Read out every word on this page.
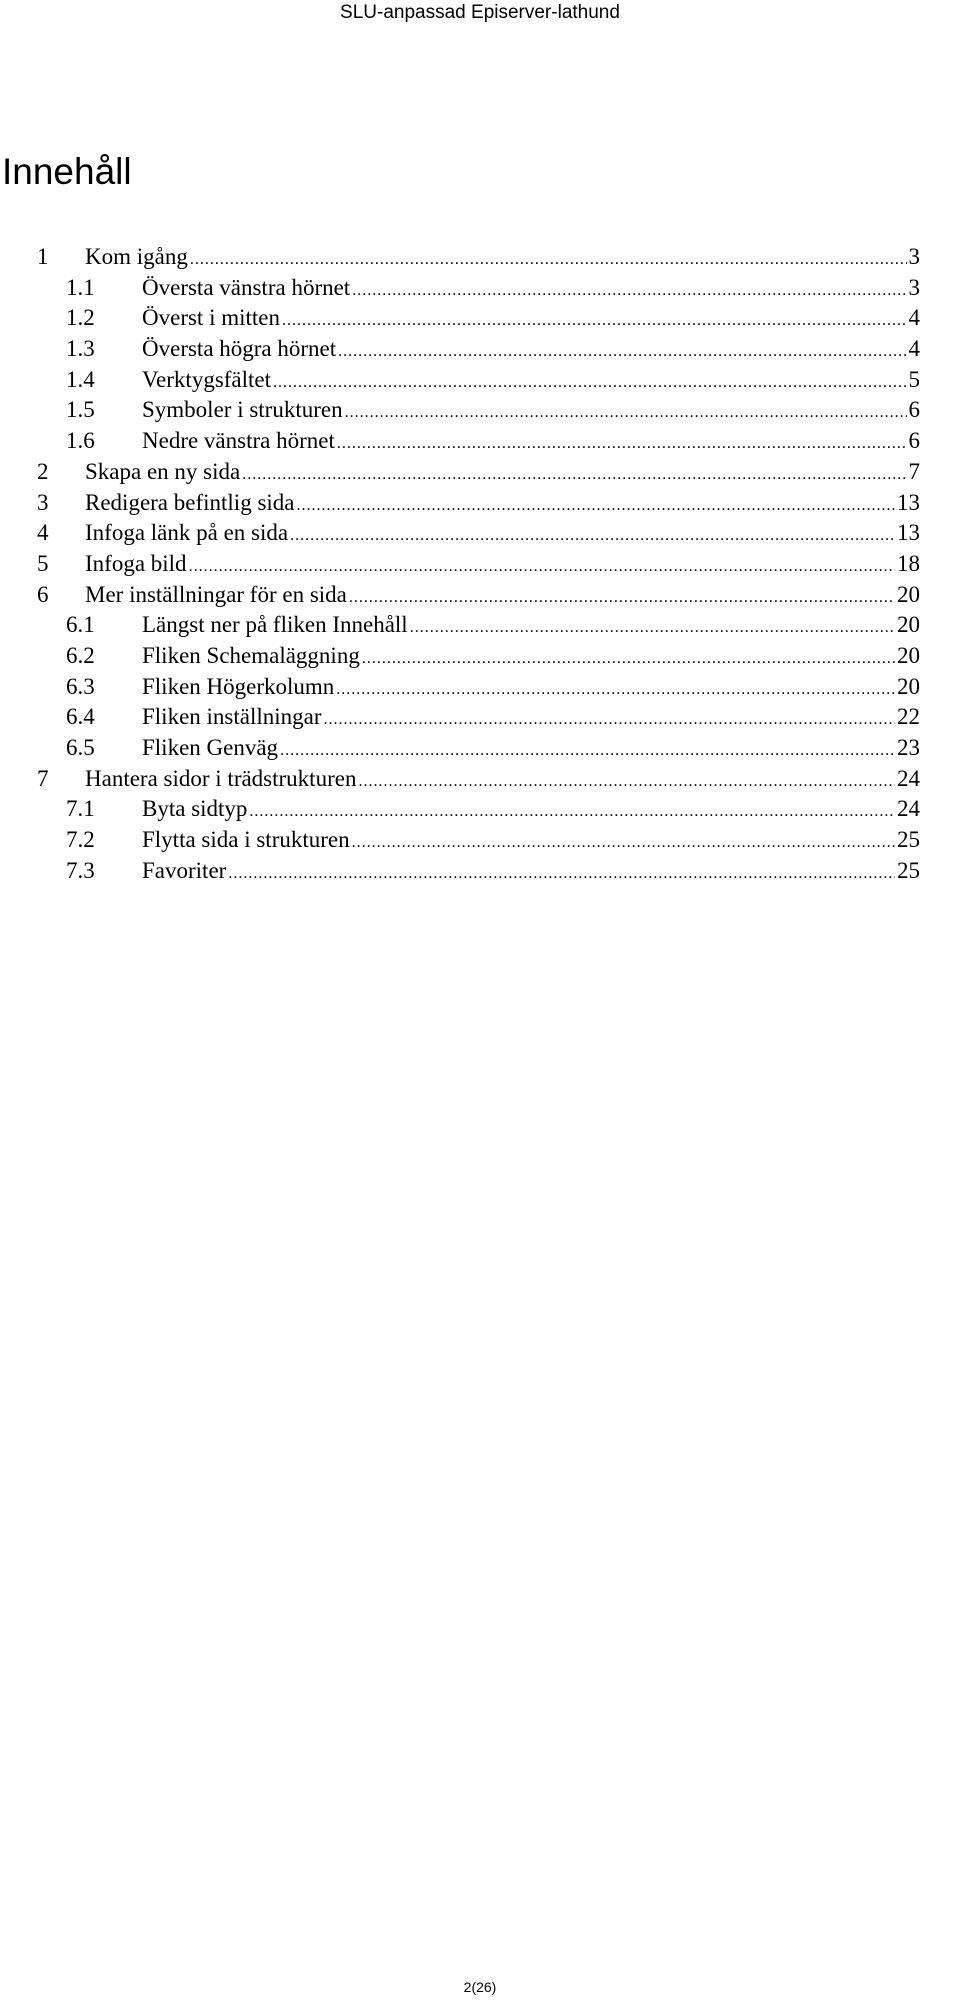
SLU-anpassad Episerver-lathund
Innehåll
1 Kom igång .....	3
1.1 Översta vänstra hörnet .....	3
1.2 Överst i mitten .....	4
1.3 Översta högra hörnet .....	4
1.4 Verktygsfältet .....	5
1.5 Symboler i strukturen .....	6
1.6 Nedre vänstra hörnet .....	6
2 Skapa en ny sida .....	7
3 Redigera befintlig sida .....	13
4 Infoga länk på en sida .....	13
5 Infoga bild .....	18
6 Mer inställningar för en sida .....	20
6.1 Längst ner på fliken Innehåll .....	20
6.2 Fliken Schemaläggning .....	20
6.3 Fliken Högerkolumn .....	20
6.4 Fliken inställningar .....	22
6.5 Fliken Genväg .....	23
7 Hantera sidor i trädstrukturen .....	24
7.1 Byta sidtyp .....	24
7.2 Flytta sida i strukturen .....	25
7.3 Favoriter .....	25
2(26)
